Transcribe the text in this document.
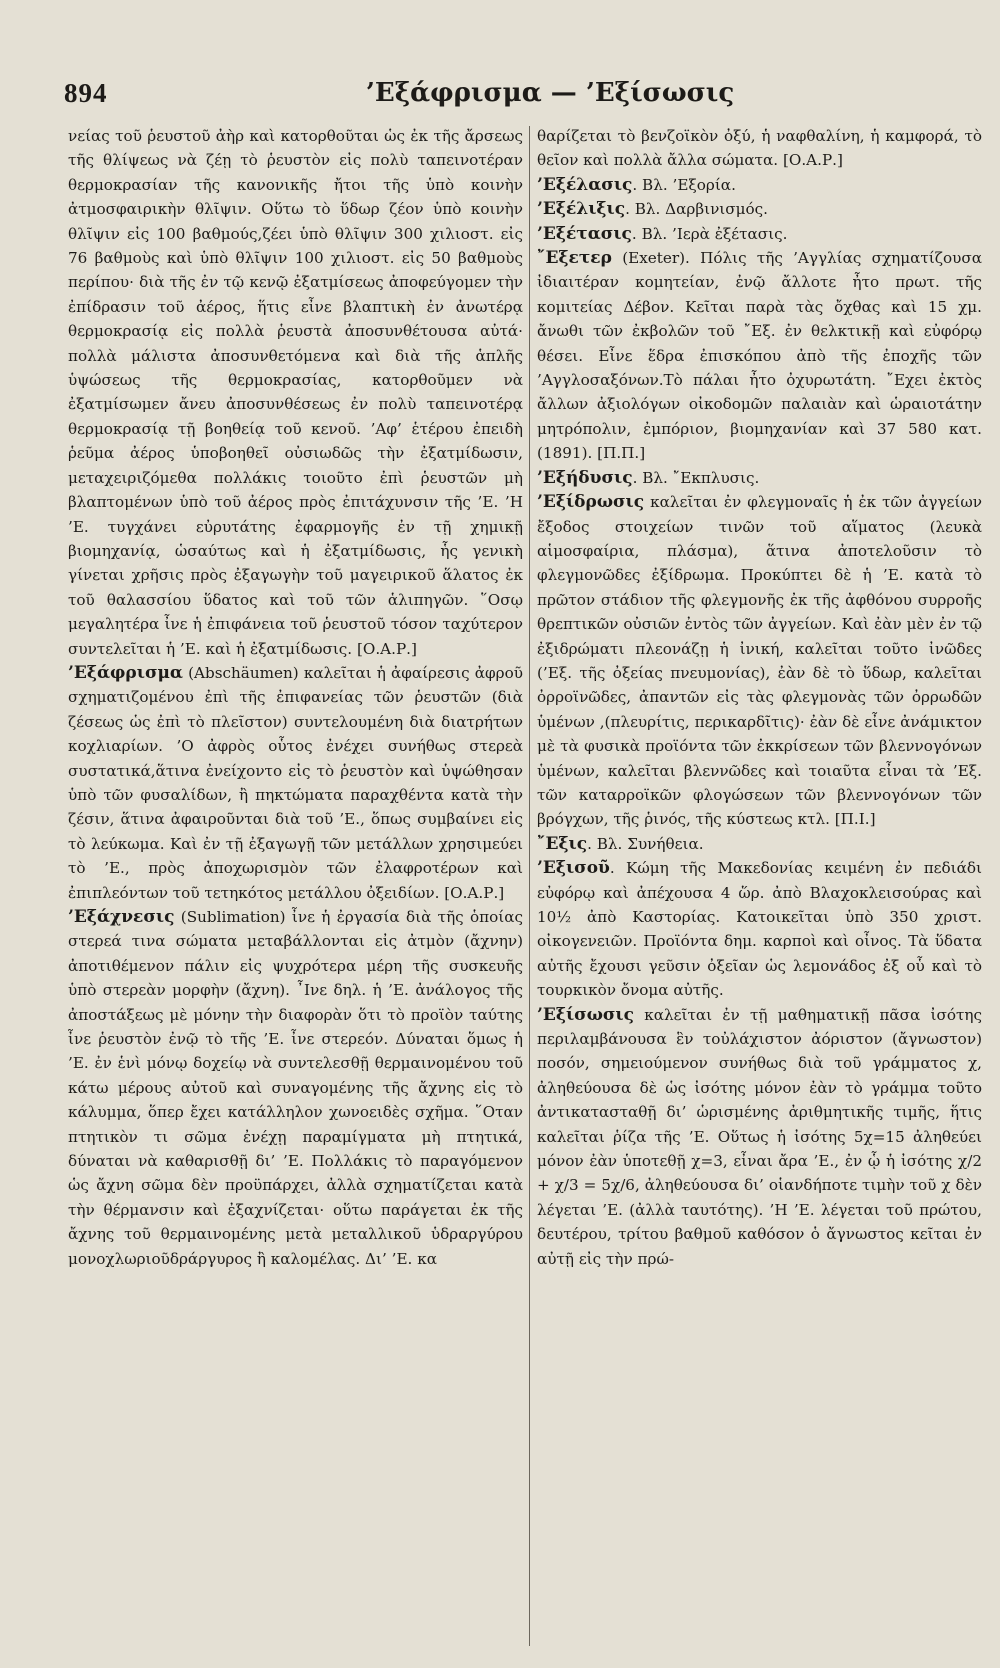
894	’Εξάφρισμα — ’Εξίσωσις

νείας τοῦ ῥευστοῦ ἀὴρ καὶ κατορθοῦται ὡς ἐκ τῆς ἄρσεως τῆς θλίψεως νὰ ζέῃ τὸ ῥευστὸν εἰς πολὺ ταπεινοτέραν θερμοκρασίαν τῆς κανονικῆς ἤτοι τῆς ὑπὸ κοινὴν ἀτμοσφαιρικὴν θλῖψιν. Οὕτω τὸ ὕδωρ ζέον ὑπὸ κοινὴν θλῖψιν εἰς 100 βαθμούς,ζέει ὑπὸ θλῖψιν 300 χιλιοστ. εἰς 76 βαθμοὺς καὶ ὑπὸ θλῖψιν 100 χιλιοστ. εἰς 50 βαθμοὺς περίπου· διὰ τῆς ἐν τῷ κενῷ ἐξατμίσεως ἀποφεύγομεν τὴν ἐπίδρασιν τοῦ ἀέρος, ἥτις εἶνε βλαπτικὴ ἐν ἀνωτέρᾳ θερμοκρασίᾳ εἰς πολλὰ ῥευστὰ ἀποσυνθέτουσα αὐτά· πολλὰ μάλιστα ἀποσυνθετόμενα καὶ διὰ τῆς ἁπλῆς ὑψώσεως τῆς θερμοκρασίας, κατορθοῦμεν νὰ ἐξατμίσωμεν ἄνευ ἀποσυνθέσεως ἐν πολὺ ταπεινοτέρᾳ θερμοκρασίᾳ τῇ βοηθείᾳ τοῦ κενοῦ. ’Αφ’ ἑτέρου ἐπειδὴ ῥεῦμα ἀέρος ὑποβοηθεῖ οὐσιωδῶς τὴν ἐξατμίδωσιν, μεταχειριζόμεθα πολλάκις τοιοῦτο ἐπὶ ῥευστῶν μὴ βλαπτομένων ὑπὸ τοῦ ἀέρος πρὸς ἐπιτάχυνσιν τῆς ’Ε. ’Η ’Ε. τυγχάνει εὐρυτάτης ἐφαρμογῆς ἐν τῇ χημικῇ βιομηχανίᾳ, ὡσαύτως καὶ ἡ ἐξατμίδωσις, ἧς γενικὴ γίνεται χρῆσις πρὸς ἐξαγωγὴν τοῦ μαγειρικοῦ ἅλατος ἐκ τοῦ θαλασσίου ὕδατος καὶ τοῦ τῶν ἁλιπηγῶν. ῞Οσῳ μεγαλητέρα ἶνε ἡ ἐπιφάνεια τοῦ ῥευστοῦ τόσον ταχύτερον συντελεῖται ἡ ’Ε. καὶ ἡ ἐξατμίδωσις. [Ο.Α.Ρ.]

’Εξάφρισμα (Abschäumen) καλεῖται ἡ ἀφαίρεσις ἀφροῦ σχηματιζομένου ἐπὶ τῆς ἐπιφανείας τῶν ῥευστῶν (διὰ ζέσεως ὡς ἐπὶ τὸ πλεῖστον) συντελουμένη διὰ διατρήτων κοχλιαρίων. ’Ο ἀφρὸς οὗτος ἐνέχει συνήθως στερεὰ συστατικά,ἅτινα ἐνείχοντο εἰς τὸ ῥευστὸν καὶ ὑψώθησαν ὑπὸ τῶν φυσαλίδων, ἢ πηκτώματα παραχθέντα κατὰ τὴν ζέσιν, ἅτινα ἀφαιροῦνται διὰ τοῦ ’Ε., ὅπως συμβαίνει εἰς τὸ λεύκωμα. Καὶ ἐν τῇ ἐξαγωγῇ τῶν μετάλλων χρησιμεύει τὸ ’Ε., πρὸς ἀποχωρισμὸν τῶν ἐλαφροτέρων καὶ ἐπιπλεόντων τοῦ τετηκότος μετάλλου ὀξειδίων. [Ο.Α.Ρ.]

’Εξάχνεσις (Sublimation) ἶνε ἡ ἐργασία διὰ τῆς ὁποίας στερεά τινα σώματα μεταβάλλονται εἰς ἀτμὸν (ἄχνην) ἀποτιθέμενον πάλιν εἰς ψυχρότερα μέρη τῆς συσκευῆς ὑπὸ στερεὰν μορφὴν (ἄχνη). ῏Ινε δηλ. ἡ ’Ε. ἀνάλογος τῆς ἀποστάξεως μὲ μόνην τὴν διαφορὰν ὅτι τὸ προϊὸν ταύτης ἶνε ῥευστὸν ἐνῷ τὸ τῆς ’Ε. ἶνε στερεόν. Δύναται ὅμως ἡ ’Ε. ἐν ἑνὶ μόνῳ δοχείῳ νὰ συντελεσθῇ θερμαινομένου τοῦ κάτω μέρους αὐτοῦ καὶ συναγομένης τῆς ἄχνης εἰς τὸ κάλυμμα, ὅπερ ἔχει κατάλληλον χωνοειδὲς σχῆμα. ῞Οταν πτητικὸν τι σῶμα ἐνέχῃ παραμίγματα μὴ πτητικά, δύναται νὰ καθαρισθῇ δι’ ’Ε. Πολλάκις τὸ παραγόμενον ὡς ἄχνη σῶμα δὲν προϋπάρχει, ἀλλὰ σχηματίζεται κατὰ τὴν θέρμανσιν καὶ ἐξαχνίζεται· οὕτω παράγεται ἐκ τῆς ἄχνης τοῦ θερμαινομένης μετὰ μεταλλικοῦ ὑδραργύρου μονοχλωριοῦδράργυρος ἢ καλομέλας. Δι’ ’Ε. κα

θαρίζεται τὸ βενζοϊκὸν ὀξύ, ἡ ναφθαλίνη, ἡ καμφορά, τὸ θεῖον καὶ πολλὰ ἄλλα σώματα. [Ο.Α.Ρ.]

’Εξέλασις. Βλ. ’Εξορία.

’Εξέλιξις. Βλ. Δαρβινισμός.

’Εξέτασις. Βλ. ’Ιερὰ ἐξέτασις.

῎Εξετερ (Exeter). Πόλις τῆς ’Αγγλίας σχηματίζουσα ἰδιαιτέραν κομητείαν, ἐνῷ ἄλλοτε ἦτο πρωτ. τῆς κομιτείας Δέβον. Κεῖται παρὰ τὰς ὄχθας καὶ 15 χμ. ἄνωθι τῶν ἐκβολῶν τοῦ ῎Εξ. ἐν θελκτικῇ καὶ εὐφόρῳ θέσει. Εἶνε ἕδρα ἐπισκόπου ἀπὸ τῆς ἐποχῆς τῶν ’Αγγλοσαξόνων.Τὸ πάλαι ἦτο ὀχυρωτάτη. ῎Εχει ἐκτὸς ἄλλων ἀξιολόγων οἰκοδομῶν παλαιὰν καὶ ὡραιοτάτην μητρόπολιν, ἐμπόριον, βιομηχανίαν καὶ 37 580 κατ. (1891). [Π.Π.]

’Εξήδυσις. Βλ. ῎Εκπλυσις.

’Εξίδρωσις καλεῖται ἐν φλεγμοναῖς ἡ ἐκ τῶν ἀγγείων ἔξοδος στοιχείων τινῶν τοῦ αἵματος (λευκὰ αἱμοσφαίρια, πλάσμα), ἅτινα ἀποτελοῦσιν τὸ φλεγμονῶδες ἐξίδρωμα. Προκύπτει δὲ ἡ ’Ε. κατὰ τὸ πρῶτον στάδιον τῆς φλεγμονῆς ἐκ τῆς ἀφθόνου συρροῆς θρεπτικῶν οὐσιῶν ἐντὸς τῶν ἀγγείων. Καὶ ἐὰν μὲν ἐν τῷ ἐξιδρώματι πλεονάζῃ ἡ ἰνική, καλεῖται τοῦτο ἰνῶδες (’Εξ. τῆς ὀξείας πνευμονίας), ἐὰν δὲ τὸ ὕδωρ, καλεῖται ὀρροϊνῶδες, ἀπαντῶν εἰς τὰς φλεγμονὰς τῶν ὀρρωδῶν ὑμένων ,(πλευρίτις, περικαρδῖτις)· ἐὰν δὲ εἶνε ἀνάμικτον μὲ τὰ φυσικὰ προϊόντα τῶν ἐκκρίσεων τῶν βλεννογόνων ὑμένων, καλεῖται βλεννῶδες καὶ τοιαῦτα εἶναι τὰ ’Εξ. τῶν καταρροϊκῶν φλογώσεων τῶν βλεννογόνων τῶν βρόγχων, τῆς ῥινός, τῆς κύστεως κτλ. [Π.Ι.]

῎Εξις. Βλ. Συνήθεια.

’Εξισοῦ. Κώμη τῆς Μακεδονίας κειμένη ἐν πεδιάδι εὐφόρῳ καὶ ἀπέχουσα 4 ὥρ. ἀπὸ Βλαχοκλεισούρας καὶ 10½ ἀπὸ Καστορίας. Κατοικεῖται ὑπὸ 350 χριστ. οἰκογενειῶν. Προϊόντα δημ. καρποὶ καὶ οἶνος. Τὰ ὕδατα αὐτῆς ἔχουσι γεῦσιν ὀξεῖαν ὡς λεμονάδος ἐξ οὗ καὶ τὸ τουρκικὸν ὄνομα αὐτῆς.

’Εξίσωσις καλεῖται ἐν τῇ μαθηματικῇ πᾶσα ἰσότης περιλαμβάνουσα ἓν τοὐλάχιστον ἀόριστον (ἄγνωστον) ποσόν, σημειούμενον συνήθως διὰ τοῦ γράμματος χ, ἀληθεύουσα δὲ ὡς ἰσότης μόνον ἐὰν τὸ γράμμα τοῦτο ἀντικατασταθῇ δι’ ὡρισμένης ἀριθμητικῆς τιμῆς, ἥτις καλεῖται ῥίζα τῆς ’Ε. Οὕτως ἡ ἰσότης 5χ=15 ἀληθεύει μόνον ἐὰν ὑποτεθῇ χ=3, εἶναι ἄρα ’Ε., ἐν ᾧ ἡ ἰσότης χ/2 + χ/3 = 5χ/6, ἀληθεύουσα δι’ οἱανδήποτε τιμὴν τοῦ χ δὲν λέγεται ’Ε. (ἀλλὰ ταυτότης). ’Η ’Ε. λέγεται τοῦ πρώτου, δευτέρου, τρίτου βαθμοῦ καθόσον ὁ ἄγνωστος κεῖται ἐν αὐτῇ εἰς τὴν πρώ-
